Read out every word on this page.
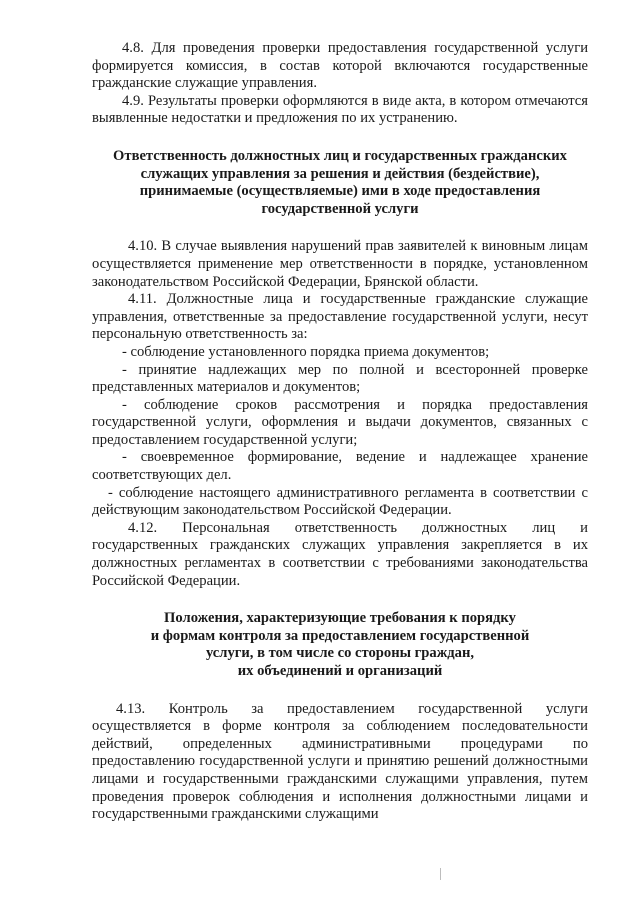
4.8. Для проведения проверки предоставления государственной услуги формируется комиссия, в состав которой включаются государственные гражданские служащие управления.

4.9. Результаты проверки оформляются в виде акта, в котором отмечаются выявленные недостатки и предложения по их устранению.

Ответственность должностных лиц и государственных гражданских
служащих управления за решения и действия (бездействие),
принимаемые (осуществляемые) ими в ходе предоставления
государственной услуги

4.10. В случае выявления нарушений прав заявителей к виновным лицам осуществляется применение мер ответственности в порядке, установленном законодательством Российской Федерации, Брянской области.

4.11. Должностные лица и государственные гражданские служащие управления, ответственные за предоставление государственной услуги, несут персональную ответственность за:

- соблюдение установленного порядка приема документов;

- принятие надлежащих мер по полной и всесторонней проверке представленных материалов и документов;

- соблюдение сроков рассмотрения и порядка предоставления государственной услуги, оформления и выдачи документов, связанных с предоставлением государственной услуги;

- своевременное формирование, ведение и надлежащее хранение соответствующих дел.

- соблюдение настоящего административного регламента в соответствии с действующим законодательством Российской Федерации.

4.12. Персональная ответственность должностных лиц и государственных гражданских служащих управления закрепляется в их должностных регламентах в соответствии с требованиями законодательства Российской Федерации.

Положения, характеризующие требования к порядку
и формам контроля за предоставлением государственной
услуги, в том числе со стороны граждан,
их объединений и организаций

4.13. Контроль за предоставлением государственной услуги осуществляется в форме контроля за соблюдением последовательности действий, определенных административными процедурами по предоставлению государственной услуги и принятию решений должностными лицами и государственными гражданскими служащими управления, путем проведения проверок соблюдения и исполнения должностными лицами и государственными гражданскими служащими
